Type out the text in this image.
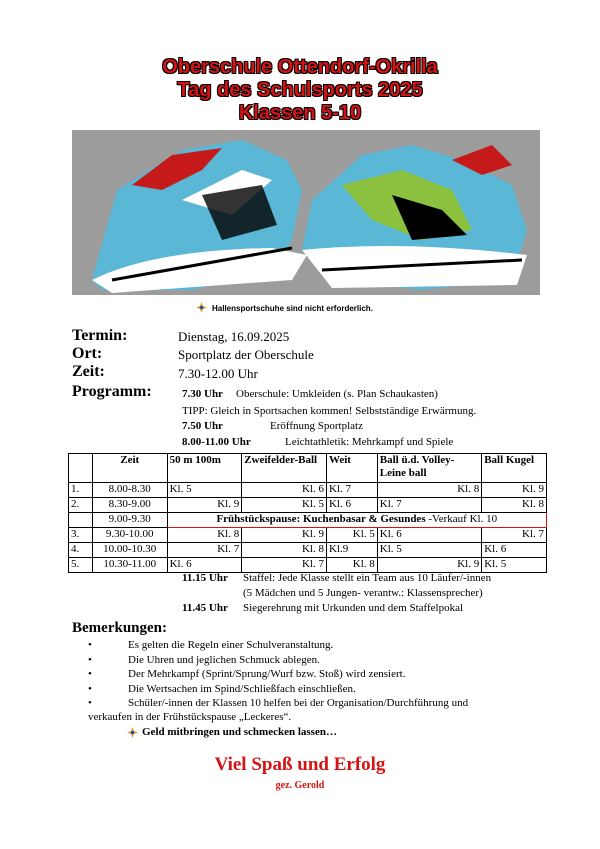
Oberschule Ottendorf-Okrilla
Tag des Schulsports 2025
Klassen 5-10
Hallensportschuhe sind nicht erforderlich.
Termin:	Dienstag, 16.09.2025
Ort:	Sportplatz der Oberschule
Zeit:	7.30-12.00 Uhr
Programm:	7.30 Uhr Oberschule: Umkleiden (s. Plan Schaukasten)
TIPP: Gleich in Sportsachen kommen! Selbstständige Erwärmung.
7.50 Uhr	Eröffnung Sportplatz
8.00-11.00 Uhr	Leichtathletik: Mehrkampf und Spiele
	Zeit	50 m 100m	Zweifelder-Ball	Weit	Ball ü.d. Volley-Leine ball	Ball Kugel
1.	8.00-8.30	Kl. 5	Kl. 6	Kl. 7	Kl. 8	Kl. 9
2.	8.30-9.00	Kl. 9	Kl. 5	Kl. 6	Kl. 7	Kl. 8
	9.00-9.30	Frühstückspause: Kuchenbasar & Gesundes -Verkauf Kl. 10				
3.	9.30-10.00	Kl. 8	Kl. 9	Kl. 5	Kl. 6	Kl. 7
4.	10.00-10.30	Kl. 7	Kl. 8	Kl.9	Kl. 5	Kl. 6
5.	10.30-11.00	Kl. 6	Kl. 7	Kl. 8	Kl. 9	Kl. 5
11.15 Uhr Staffel: Jede Klasse stellt ein Team aus 10 Läufer/-innen
(5 Mädchen und 5 Jungen- verantw.: Klassensprecher)
11.45 Uhr Siegerehrung mit Urkunden und dem Staffelpokal
Bemerkungen:
• Es gelten die Regeln einer Schulveranstaltung.
• Die Uhren und jeglichen Schmuck ablegen.
• Der Mehrkampf (Sprint/Sprung/Wurf bzw. Stoß) wird zensiert.
• Die Wertsachen im Spind/Schließfach einschließen.
• Schüler/-innen der Klassen 10 helfen bei der Organisation/Durchführung und
verkaufen in der Frühstückspause „Leckeres“.
Geld mitbringen und schmecken lassen…
Viel Spaß und Erfolg
gez. Gerold
